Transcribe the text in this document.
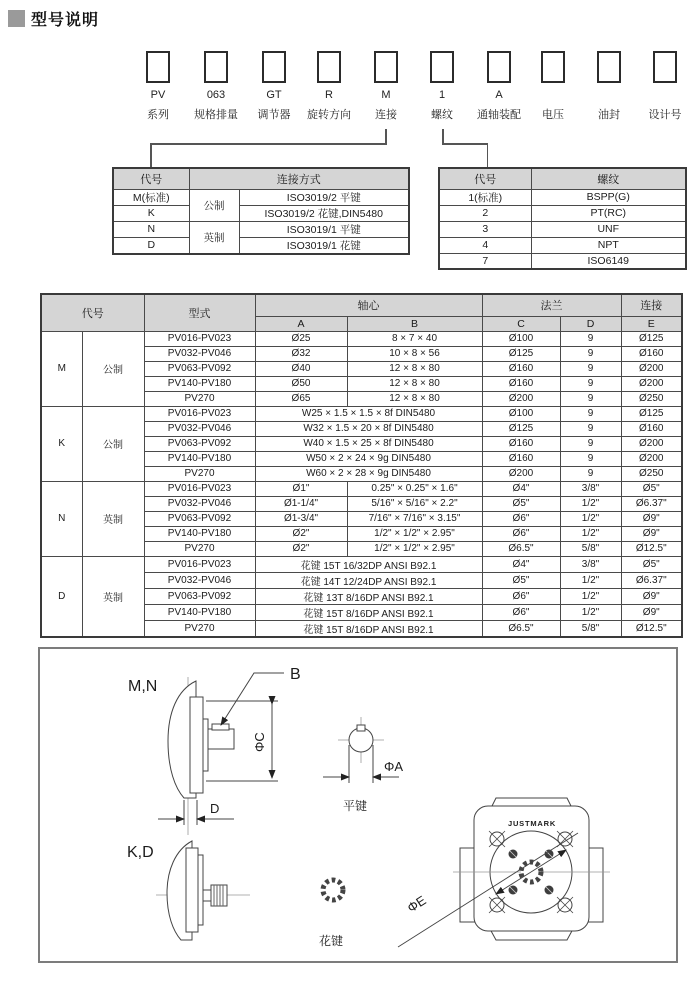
型号说明
PV
系列
063
规格排量
GT
调节器
R
旋转方向
M
连接
1
螺纹
A
通轴装配	电压	油封	设计号
代号	连接方式	
M(标准)	公制	ISO3019/2 平键
K		ISO3019/2 花键,DIN5480
N	英制	ISO3019/1 平键
D		ISO3019/1 花键
代号	螺纹
1(标准)	BSPP(G)
2	PT(RC)
3	UNF
4	NPT
7	ISO6149
代号		型式	轴心		法兰		连接
			A	B	C	D	E
M	公制	PV016-PV023	Ø25	8 × 7 × 40	Ø100	9	Ø125
		PV032-PV046	Ø32	10 × 8 × 56	Ø125	9	Ø160
		PV063-PV092	Ø40	12 × 8 × 80	Ø160	9	Ø200
		PV140-PV180	Ø50	12 × 8 × 80	Ø160	9	Ø200
		PV270	Ø65	12 × 8 × 80	Ø200	9	Ø250
K	公制	PV016-PV023	W25 × 1.5 × 1.5 × 8f DIN5480		Ø100	9	Ø125
		PV032-PV046	W32 × 1.5 × 20 × 8f DIN5480		Ø125	9	Ø160
		PV063-PV092	W40 × 1.5 × 25 × 8f DIN5480		Ø160	9	Ø200
		PV140-PV180	W50 × 2 × 24 × 9g DIN5480		Ø160	9	Ø200
		PV270	W60 × 2 × 28 × 9g DIN5480		Ø200	9	Ø250
N	英制	PV016-PV023	Ø1"	0.25" × 0.25" × 1.6"	Ø4"	3/8"	Ø5"
		PV032-PV046	Ø1-1/4"	5/16" × 5/16" × 2.2"	Ø5"	1/2"	Ø6.37"
		PV063-PV092	Ø1-3/4"	7/16" × 7/16" × 3.15"	Ø6"	1/2"	Ø9"
		PV140-PV180	Ø2"	1/2" × 1/2" × 2.95"	Ø6"	1/2"	Ø9"
		PV270	Ø2"	1/2" × 1/2" × 2.95"	Ø6.5"	5/8"	Ø12.5"
D	英制	PV016-PV023	花键 15T 16/32DP ANSI B92.1		Ø4"	3/8"	Ø5"
		PV032-PV046	花键 14T 12/24DP ANSI B92.1		Ø5"	1/2"	Ø6.37"
		PV063-PV092	花键 13T 8/16DP ANSI B92.1		Ø6"	1/2"	Ø9"
		PV140-PV180	花键 15T 8/16DP ANSI B92.1		Ø6"	1/2"	Ø9"
		PV270	花键 15T 8/16DP ANSI B92.1		Ø6.5"	5/8"	Ø12.5"
M,N
B
ΦC
D
ΦA
平键
K,D
花键
JUSTMARK
ΦE
